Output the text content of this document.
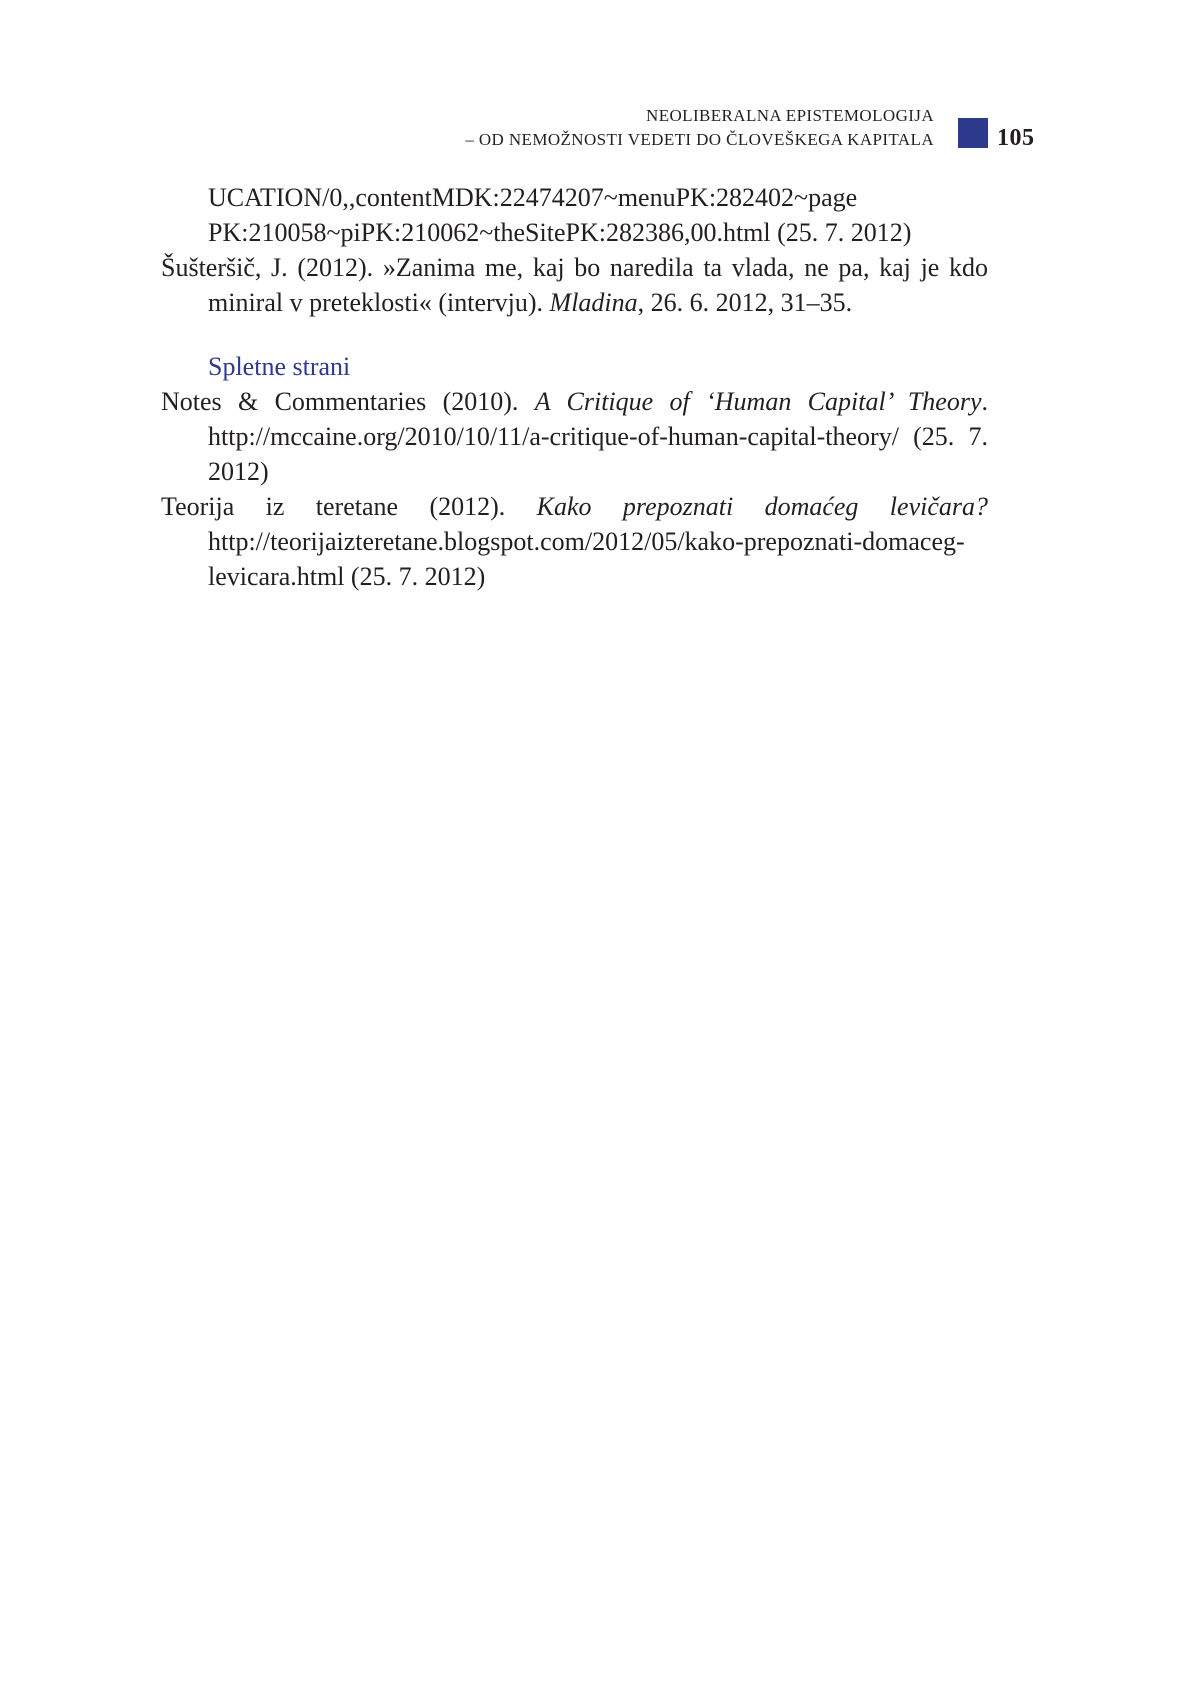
NEOLIBERALNA EPISTEMOLOGIJA
– OD NEMOŽNOSTI VEDETI DO ČLOVEŠKEGA KAPITALA	105
UCATION/0,,contentMDK:22474207~menuPK:282402~page
PK:210058~piPK:210062~theSitePK:282386,00.html (25. 7. 2012)
Šušteršič, J. (2012). »Zanima me, kaj bo naredila ta vlada, ne pa, kaj je kdo miniral v preteklosti« (intervju). Mladina, 26. 6. 2012, 31–35.
Spletne strani
Notes & Commentaries (2010). A Critique of ‘Human Capital’ Theory. http://mccaine.org/2010/10/11/a-critique-of-human-capital-theory/ (25. 7. 2012)
Teorija iz teretane (2012). Kako prepoznati domaćeg levičara? http://teorijaizteretane.blogspot.com/2012/05/kako-prepoznati-domaceg-levicara.html (25. 7. 2012)
